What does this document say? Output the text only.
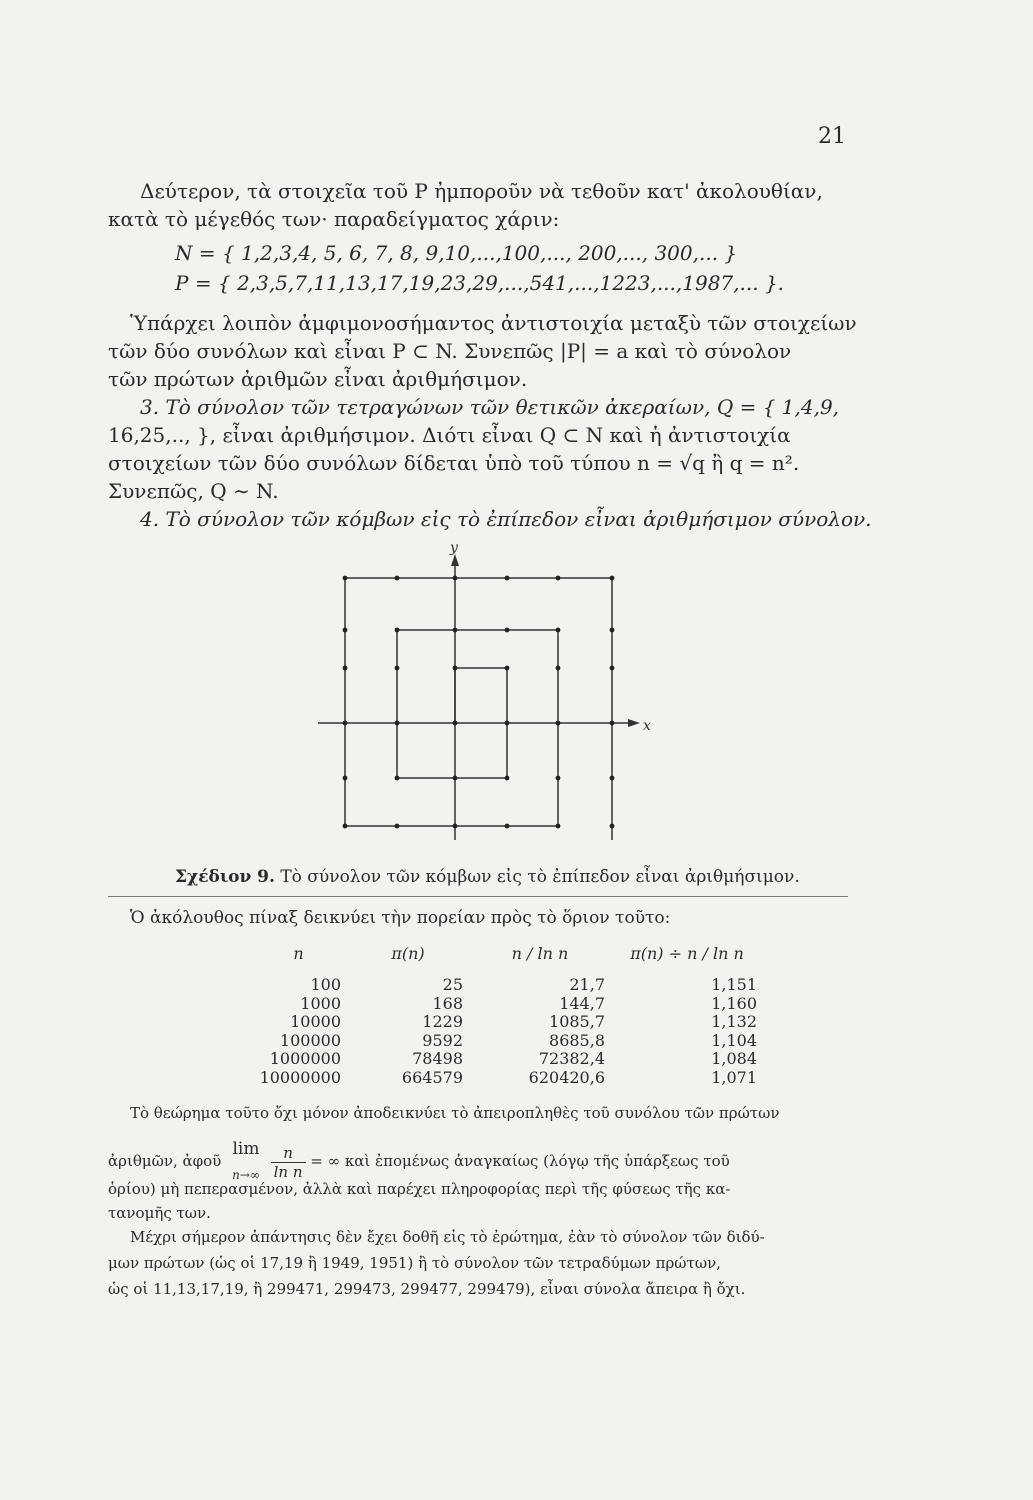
21
Δεύτερον, τὰ στοιχεῖα τοῦ P ἠμποροῦν νὰ τεθοῦν κατ' ἀκολουθίαν,
κατὰ τὸ μέγεθός των· παραδείγματος χάριν:
N = { 1,2,3,4, 5, 6, 7, 8, 9,10,...,100,..., 200,..., 300,... }
P = { 2,3,5,7,11,13,17,19,23,29,...,541,...,1223,...,1987,... }.
Ὑπάρχει λοιπὸν ἀμφιμονοσήμαντος ἀντιστοιχία μεταξὺ τῶν στοιχείων
τῶν δύο συνόλων καὶ εἶναι P ⊂ N. Συνεπῶς |P| = a καὶ τὸ σύνολον
τῶν πρώτων ἀριθμῶν εἶναι ἀριθμήσιμον.
3. Τὸ σύνολον τῶν τετραγώνων τῶν θετικῶν ἀκεραίων, Q = { 1,4,9,
16,25,.., }, εἶναι ἀριθμήσιμον. Διότι εἶναι Q ⊂ N καὶ ἡ ἀντιστοιχία
στοιχείων τῶν δύο συνόλων δίδεται ὑπὸ τοῦ τύπου n = √q ἢ q = n².
Συνεπῶς, Q ∼ N.
4. Τὸ σύνολον τῶν κόμβων εἰς τὸ ἐπίπεδον εἶναι ἀριθμήσιμον σύνολον.
y
x
Σχέδιον 9. Τὸ σύνολον τῶν κόμβων εἰς τὸ ἐπίπεδον εἶναι ἀριθμήσιμον.
Ὁ ἀκόλουθος πίναξ δεικνύει τὴν πορείαν πρὸς τὸ ὅριον τοῦτο:
n	π(n)	n / ln n	π(n) ÷ n / ln n
100	25	21,7	1,151
1000	168	144,7	1,160
10000	1229	1085,7	1,132
100000	9592	8685,8	1,104
1000000	78498	72382,4	1,084
10000000	664579	620420,6	1,071
Τὸ θεώρημα τοῦτο ὄχι μόνον ἀποδεικνύει τὸ ἀπειροπληθὲς τοῦ συνόλου τῶν πρώτων
ἀριθμῶν, ἀφοῦ
lim
n→∞
$\frac{n}{\text{ln n}}$ = ∞ καὶ ἐπομένως ἀναγκαίως (λόγῳ τῆς ὑπάρξεως τοῦ
ὁρίου) μὴ πεπερασμένον, ἀλλὰ καὶ παρέχει πληροφορίας περὶ τῆς φύσεως τῆς κα-
τανομῆς των.
Μέχρι σήμερον ἀπάντησις δὲν ἔχει δοθῆ εἰς τὸ ἐρώτημα, ἐὰν τὸ σύνολον τῶν διδύ-
μων πρώτων (ὡς οἱ 17,19 ἢ 1949, 1951) ἢ τὸ σύνολον τῶν τετραδύμων πρώτων,
ὡς οἱ 11,13,17,19, ἢ 299471, 299473, 299477, 299479), εἶναι σύνολα ἄπειρα ἢ ὄχι.
